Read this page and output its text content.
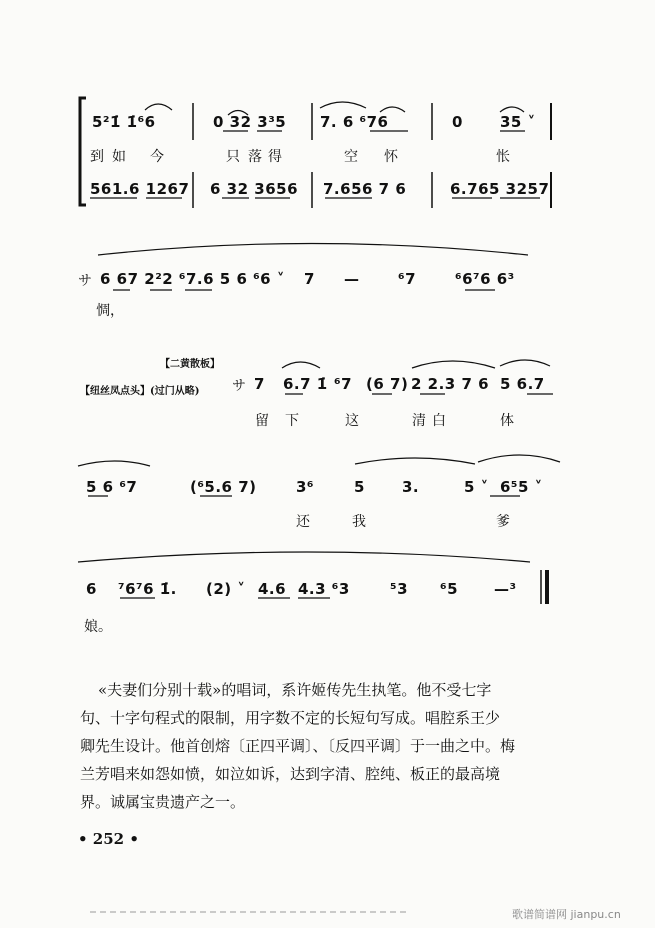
5²1̇ 1̇⁶6	0 32 3³5 7. 6 ⁶76	0 35 ˅
到 如 今	只 落 得	空 怀	怅
561.6 1267 6 32 3656 7.656 7 6	6.765 3257
サ 6 67 2²2 ⁶7.6 5 6 ⁶6 ˅ 7 —	⁶7	⁶6⁷6 6³
惆，
【二黄散板】
【纽丝凤点头】(过门从略) サ 7 6.7 1̇ ⁶7 (6 7) 2 2.3 7 6 5 6.7
留 下	这	清 白	体
5 6 ⁶7	(⁶5.6 7)	3⁶	5 3.	5 ˅ 6⁵5 ˅
还	我	爹
6 ⁷6⁷6 1̇. (2) ˅ 4.6 4.3 ⁶3	⁵3 ⁶5 —³
娘。
«夫妻们分别十载»的唱词，系许姬传先生执笔。他不受七字
句、十字句程式的限制，用字数不定的长短句写成。唱腔系王少
卿先生设计。他首创熔〔正四平调〕、〔反四平调〕于一曲之中。梅
兰芳唱来如怨如愤，如泣如诉，达到字清、腔纯、板正的最高境
界。诚属宝贵遗产之一。
• 252 •
歌谱简谱网 jianpu.cn
